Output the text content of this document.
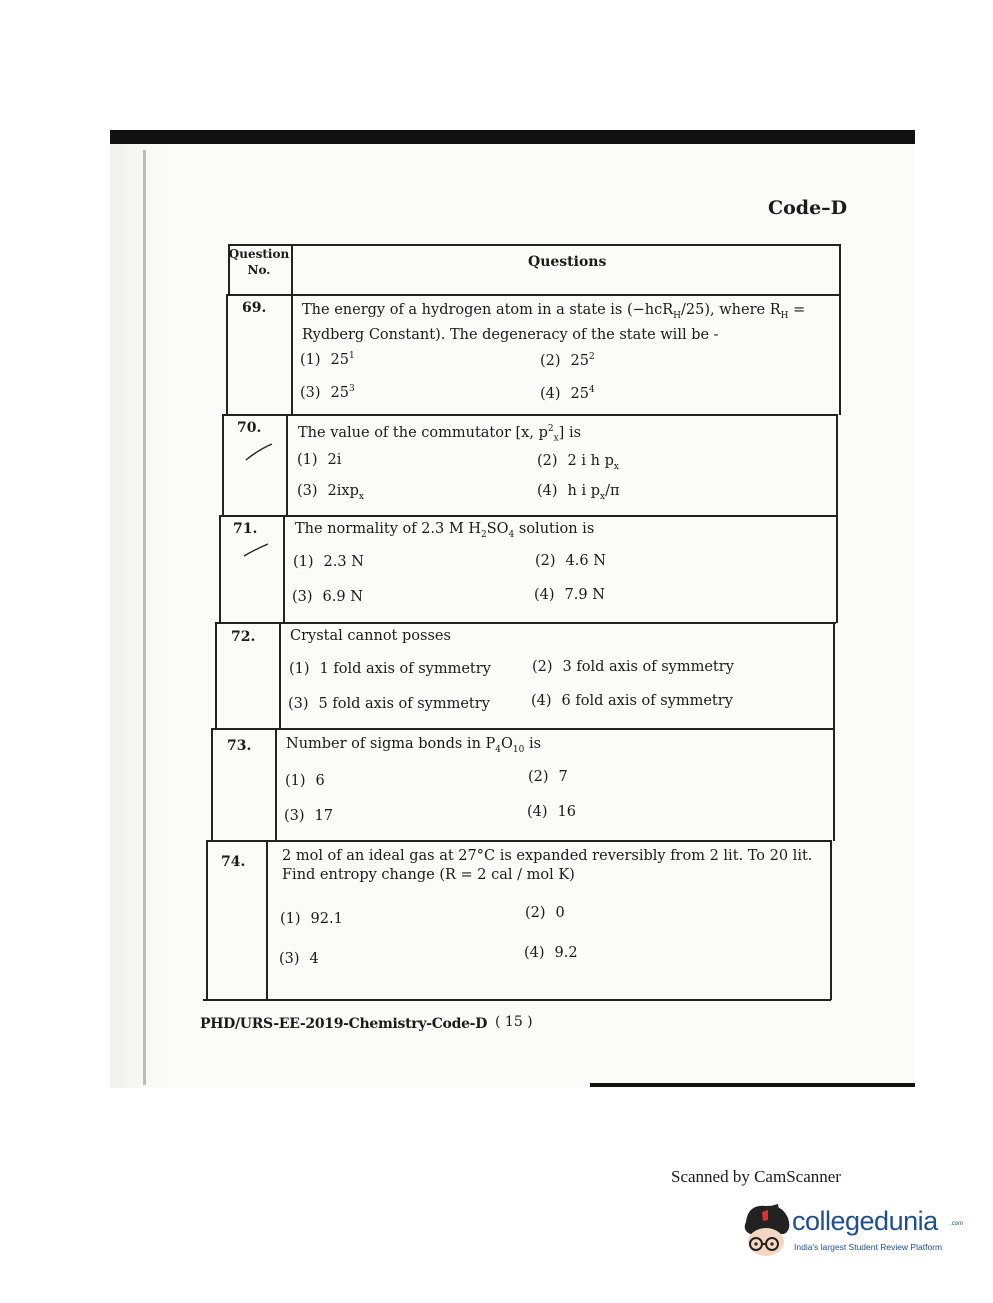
Code–D
Question No.	Questions
69. The energy of a hydrogen atom in a state is (−hcR$_H$/25), where $R_H$ = Rydberg Constant). The degeneracy of the state will be -
(1) $25^1$	(2) $25^2$
(3) $25^3$	(4) $25^4$
70.	The value of the commutator [x, $p^2_x$] is
(1) 2i	(2) 2 i h $p_x$
(3) 2ixp$_x$	(4) h i $p_x/\pi$
71.	The normality of 2.3 M $H_2SO_4$ solution is
(1) 2.3 N	(2) 4.6 N
(3) 6.9 N	(4) 7.9 N
72. Crystal cannot posses
(1) 1 fold axis of symmetry	(2) 3 fold axis of symmetry
(3) 5 fold axis of symmetry	(4) 6 fold axis of symmetry
73. Number of sigma bonds in $P_4O_{10}$ is
(1) 6	(2) 7
(3) 17	(4) 16
74.	2 mol of an ideal gas at 27°C is expanded reversibly from 2 lit. To 20 lit. Find entropy change (R = 2 cal / mol K)
(1) 92.1	(2) 0
(3) 4	(4) 9.2
PHD/URS-EE-2019-Chemistry-Code-D ( 15 )
Scanned by CamScanner
collegedunia .com
India's largest Student Review Platform
